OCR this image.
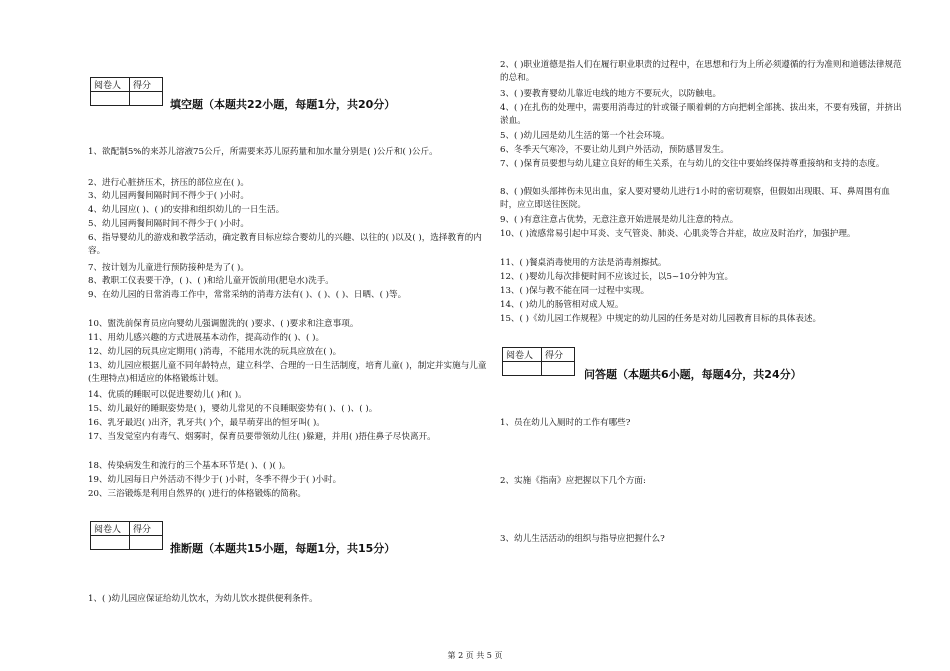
阅卷人	得分

填空题（本题共22小题，每题1分，共20分）

1、欲配制5%的来苏儿溶液75公斤，所需要来苏儿原药量和加水量分别是( )公斤和( )公斤。

2、进行心脏挤压术，挤压的部位应在( )。

3、幼儿园两餐间隔时间不得少于( )小时。

4、幼儿园应( )、( )的安排和组织幼儿的一日生活。

5、幼儿园两餐间隔时间不得少于( )小时。

6、指导婴幼儿的游戏和教学活动，确定教育目标应综合婴幼儿的兴趣、以往的( )以及( )，选择教育的内容。

7、按计划为儿童进行预防接种是为了( )。

8、教职工仪表要干净，( )、( )和给儿童开饭前用(肥皂水)洗手。

9、在幼儿园的日常消毒工作中，常常采纳的消毒方法有( )、( )、( )、日晒、( )等。

10、盥洗前保育员应向婴幼儿强调盥洗的( )要求、( )要求和注意事项。

11、用幼儿感兴趣的方式进展基本动作，提高动作的( )、( )。

12、幼儿园的玩具应定期用( )消毒，不能用水洗的玩具应放在( )。

13、幼儿园应根据儿童不同年龄特点，建立科学、合理的一日生活制度，培育儿童( )，制定并实施与儿童(生理特点)相适应的体格锻炼计划。

14、优质的睡眠可以促进婴幼儿( )和( )。

15、幼儿最好的睡眠姿势是( )，婴幼儿常见的不良睡眠姿势有( )、( )、( )。

16、乳牙最迟( )出齐，乳牙共( )个，最早萌芽出的恒牙叫( )。

17、当发觉室内有毒气、烟雾时，保育员要带领幼儿往( )躲避，并用( )捂住鼻子尽快离开。

18、传染病发生和流行的三个基本环节是( )、( )( )。

19、幼儿园每日户外活动不得少于( )小时，冬季不得少于( )小时。

20、三浴锻炼是利用自然界的( )进行的体格锻炼的简称。

阅卷人	得分

推断题（本题共15小题，每题1分，共15分）

1、( )幼儿园应保证给幼儿饮水，为幼儿饮水提供便利条件。

2、( )职业道德是指人们在履行职业职责的过程中，在思想和行为上所必须遵循的行为准则和道德法律规范的总和。

3、( )要教育婴幼儿靠近电线的地方不要玩火，以防触电。

4、( )在扎伤的处理中，需要用消毒过的针或镊子顺着刺的方向把刺全部挑、拔出来，不要有残留，并挤出淤血。

5、( )幼儿园是幼儿生活的第一个社会环境。

6、冬季天气寒冷，不要让幼儿到户外活动，预防感冒发生。

7、( )保育员要想与幼儿建立良好的师生关系，在与幼儿的交往中要始终保持尊重接纳和支持的态度。

8、( )假如头部摔伤未见出血，家人要对婴幼儿进行1小时的密切观察，但假如出现眼、耳、鼻周围有血时，应立即送往医院。

9、( )有意注意占优势，无意注意开始进展是幼儿注意的特点。

10、( )流感常易引起中耳炎、支气管炎、肺炎、心肌炎等合并症，故应及时治疗，加强护理。

11、( )餐桌消毒使用的方法是消毒剂擦拭。

12、( )婴幼儿每次排便时间不应该过长，以5~10分钟为宜。

13、( )保与教不能在同一过程中实现。

14、( )幼儿的肠管相对成人短。

15、( )《幼儿园工作规程》中规定的幼儿园的任务是对幼儿园教育目标的具体表述。

阅卷人	得分

问答题（本题共6小题，每题4分，共24分）

1、员在幼儿入厕时的工作有哪些?

2、实施《指南》应把握以下几个方面:

3、幼儿生活活动的组织与指导应把握什么?

第 2 页 共 5 页
